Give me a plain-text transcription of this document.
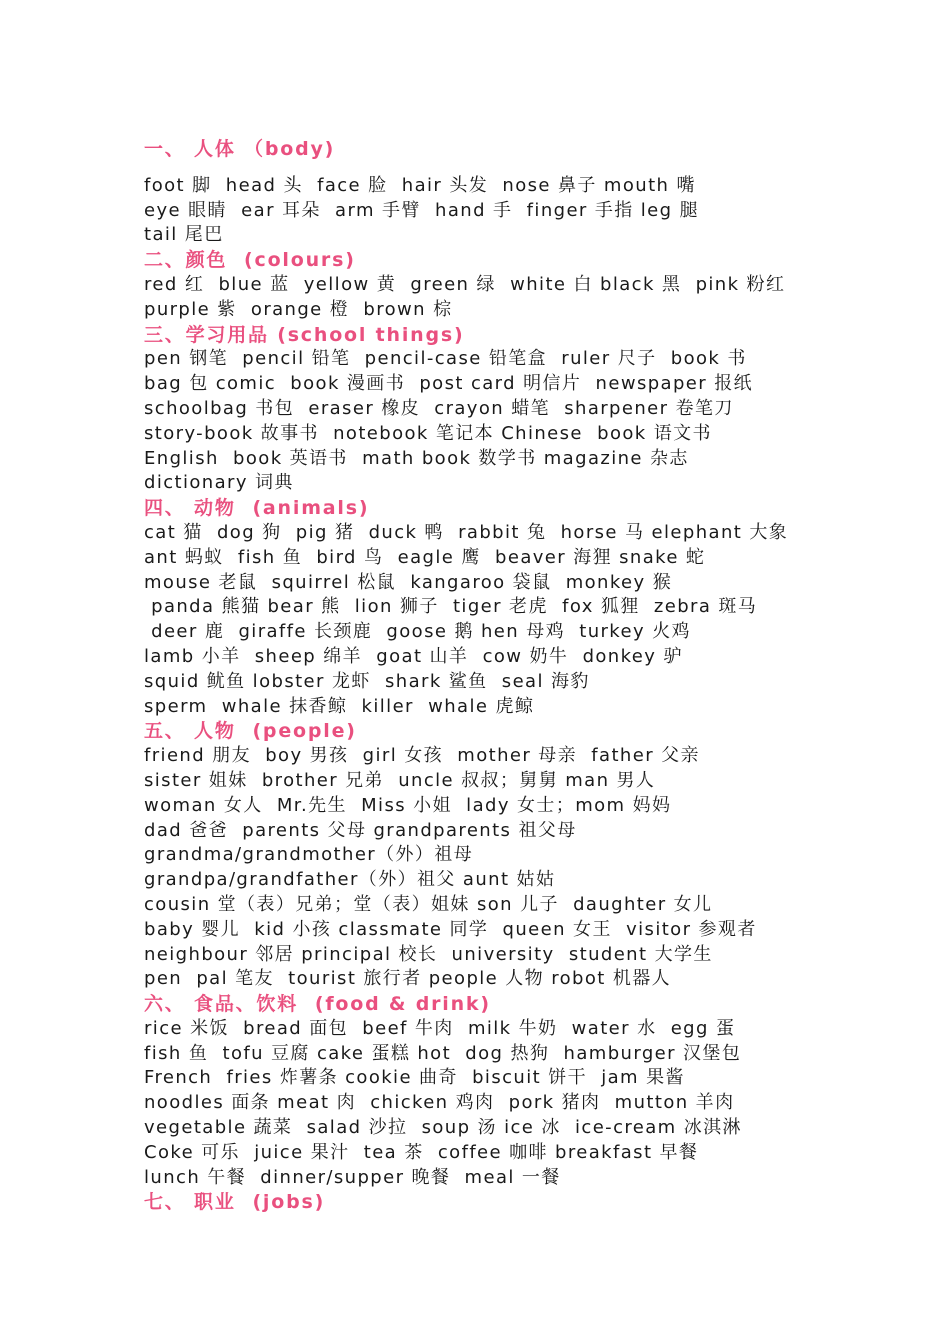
一、 人体 （body)
foot 脚  head 头  face 脸  hair 头发  nose 鼻子 mouth 嘴
eye 眼睛  ear 耳朵  arm 手臂  hand 手  finger 手指 leg 腿
tail 尾巴
二、颜色  (colours)
red 红  blue 蓝  yellow 黄  green 绿  white 白 black 黑  pink 粉红
purple 紫  orange 橙  brown 棕
三、学习用品 (school things)
pen 钢笔  pencil 铅笔  pencil-case 铅笔盒  ruler 尺子  book 书
bag 包 comic  book 漫画书  post card 明信片  newspaper 报纸
schoolbag 书包  eraser 橡皮  crayon 蜡笔  sharpener 卷笔刀
story-book 故事书  notebook 笔记本 Chinese  book 语文书
English  book 英语书  math book 数学书 magazine 杂志
dictionary 词典
四、 动物  (animals)
cat 猫  dog 狗  pig 猪  duck 鸭  rabbit 兔  horse 马 elephant 大象
ant 蚂蚁  fish 鱼  bird 鸟  eagle 鹰  beaver 海狸 snake 蛇
mouse 老鼠  squirrel 松鼠  kangaroo 袋鼠  monkey 猴
panda 熊猫 bear 熊  lion 狮子  tiger 老虎  fox 狐狸  zebra 斑马
deer 鹿  giraffe 长颈鹿  goose 鹅 hen 母鸡  turkey 火鸡
lamb 小羊  sheep 绵羊  goat 山羊  cow 奶牛  donkey 驴
squid 鱿鱼 lobster 龙虾  shark 鲨鱼  seal 海豹
sperm  whale 抹香鲸  killer  whale 虎鲸
五、 人物  (people)
friend 朋友  boy 男孩  girl 女孩  mother 母亲  father 父亲
sister 姐妹  brother 兄弟  uncle 叔叔；舅舅 man 男人
woman 女人  Mr.先生  Miss 小姐  lady 女士；mom 妈妈
dad 爸爸  parents 父母 grandparents 祖父母
grandma/grandmother（外）祖母
grandpa/grandfather（外）祖父 aunt 姑姑
cousin 堂（表）兄弟；堂（表）姐妹 son 儿子  daughter 女儿
baby 婴儿  kid 小孩 classmate 同学  queen 女王  visitor 参观者
neighbour 邻居 principal 校长  university  student 大学生
pen  pal 笔友  tourist 旅行者 people 人物 robot 机器人
六、 食品、饮料  (food & drink)
rice 米饭  bread 面包  beef 牛肉  milk 牛奶  water 水  egg 蛋
fish 鱼  tofu 豆腐 cake 蛋糕 hot  dog 热狗  hamburger 汉堡包
French  fries 炸薯条 cookie 曲奇  biscuit 饼干  jam 果酱
noodles 面条 meat 肉  chicken 鸡肉  pork 猪肉  mutton 羊肉
vegetable 蔬菜  salad 沙拉  soup 汤 ice 冰  ice-cream 冰淇淋
Coke 可乐  juice 果汁  tea 茶  coffee 咖啡 breakfast 早餐
lunch 午餐  dinner/supper 晚餐  meal 一餐
七、 职业  (jobs)
